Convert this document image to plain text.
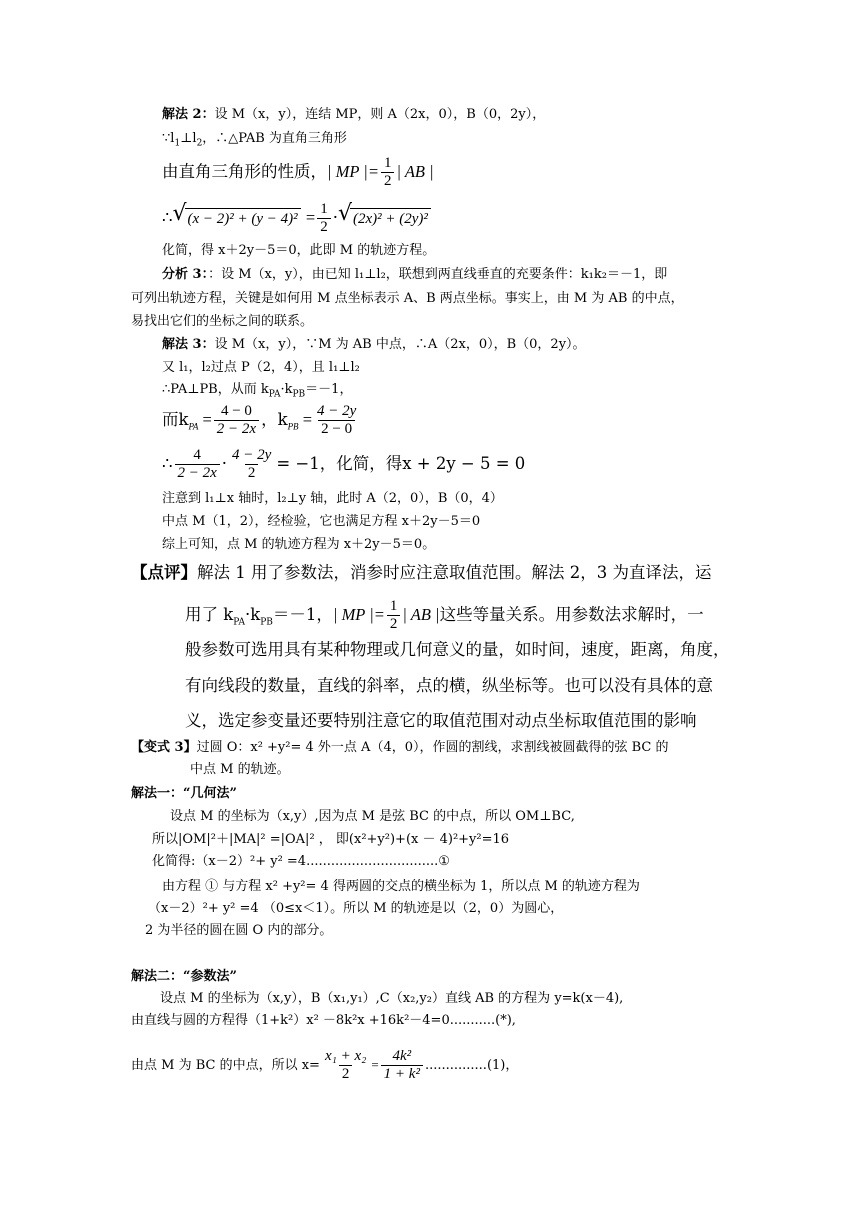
解法 2：设 M（x，y），连结 MP，则 A（2x，0），B（0，2y），
$\because l_1\perp l_2$，∴△PAB 为直角三角形
由直角三角形的性质，| MP |= $\frac{1}{2}$ | AB |
∴ √ $(x - 2)^2 + (y - 4)^2 = \frac{1}{2}$ · √ (2x)² + (2y)²
化简，得 x＋2y－5＝0，此即 M 的轨迹方程。
分析 3：：设 M（x，y），由已知 l₁⊥l₂，联想到两直线垂直的充要条件：k₁k₂＝－1，即
可列出轨迹方程，关键是如何用 M 点坐标表示 A、B 两点坐标。事实上，由 M 为 AB 的中点，
易找出它们的坐标之间的联系。
解法 3：设 M（x，y），∵M 为 AB 中点，∴A（2x，0），B（0，2y）。
又 l₁，l₂过点 P（2，4），且 l₁⊥l₂
∴PA⊥PB，从而 $k_{PA}\cdot k_{PB}=-1$，
而$k_{PA} = \frac{4 - 0}{2 - 2x}$ ，$k_{PB} = \frac{4 - 2y}{2 - 0}$
∴ $\frac{4}{2 - 2x} \cdot \frac{4 - 2y}{2} = -1$，化简，得x + 2y − 5 = 0
注意到 l₁⊥x 轴时，l₂⊥y 轴，此时 A（2，0），B（0，4）
中点 M（1，2），经检验，它也满足方程 x＋2y－5＝0
综上可知，点 M 的轨迹方程为 x＋2y－5＝0。
【点评】解法 1 用了参数法，消参时应注意取值范围。解法 2，3 为直译法，运
用了 $k_{PA}\cdot k_{PB}=-1$，| MP |= $\frac{1}{2}$ | AB |这些等量关系。用参数法求解时，一
般参数可选用具有某种物理或几何意义的量，如时间，速度，距离，角度，
有向线段的数量，直线的斜率，点的横，纵坐标等。也可以没有具体的意
义，选定参变量还要特别注意它的取值范围对动点坐标取值范围的影响
【变式 3】过圆 O：x² +y²= 4 外一点 A（4，0），作圆的割线，求割线被圆截得的弦 BC 的
中点 M 的轨迹。
解法一：“几何法”
设点 M 的坐标为（x,y）,因为点 M 是弦 BC 的中点，所以 OM⊥BC,
所以|OM|²＋|MA|² =|OA|² ， 即(x²+y²)+(x － 4)²+y²=16
化简得:（x－2）²+ y² =4................................①
由方程 ① 与方程 x² +y²= 4 得两圆的交点的横坐标为 1，所以点 M 的轨迹方程为
（x－2）²+ y² =4 （0≤x＜1）。所以 M 的轨迹是以（2，0）为圆心，
2 为半径的圆在圆 O 内的部分。
解法二：“参数法”
设点 M 的坐标为（x,y），B（x₁,y₁）,C（x₂,y₂）直线 AB 的方程为 y=k(x－4),
由直线与圆的方程得（1+k²）x² －8k²x +16k²－4=0...........(*),
由点 M 为 BC 的中点，所以 $x= \frac{\text{x₁ + x₂}}{2} = \frac{\text{4k²}}{\text{1 + k²}} ...............(1)$，
